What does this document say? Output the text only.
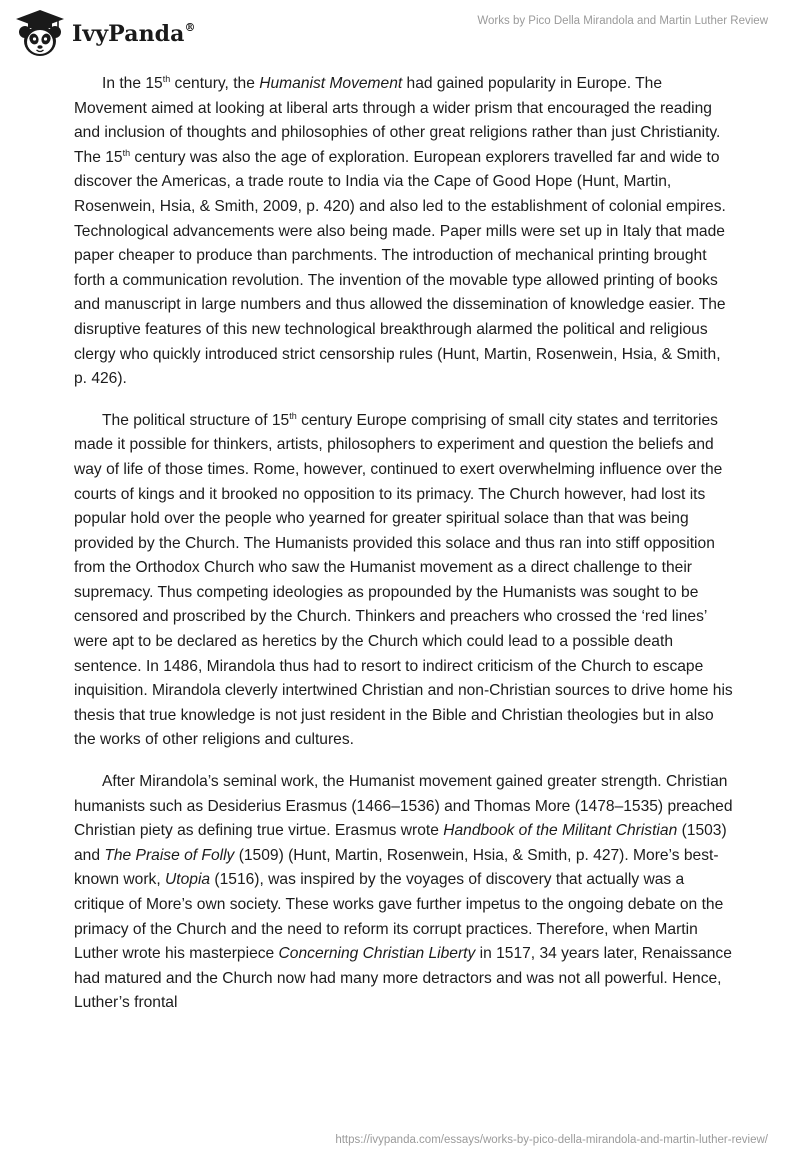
IvyPanda®	Works by Pico Della Mirandola and Martin Luther Review

In the 15th century, the Humanist Movement had gained popularity in Europe. The Movement aimed at looking at liberal arts through a wider prism that encouraged the reading and inclusion of thoughts and philosophies of other great religions rather than just Christianity. The 15th century was also the age of exploration. European explorers travelled far and wide to discover the Americas, a trade route to India via the Cape of Good Hope (Hunt, Martin, Rosenwein, Hsia, & Smith, 2009, p. 420) and also led to the establishment of colonial empires. Technological advancements were also being made. Paper mills were set up in Italy that made paper cheaper to produce than parchments. The introduction of mechanical printing brought forth a communication revolution. The invention of the movable type allowed printing of books and manuscript in large numbers and thus allowed the dissemination of knowledge easier. The disruptive features of this new technological breakthrough alarmed the political and religious clergy who quickly introduced strict censorship rules (Hunt, Martin, Rosenwein, Hsia, & Smith, p. 426).

The political structure of 15th century Europe comprising of small city states and territories made it possible for thinkers, artists, philosophers to experiment and question the beliefs and way of life of those times. Rome, however, continued to exert overwhelming influence over the courts of kings and it brooked no opposition to its primacy. The Church however, had lost its popular hold over the people who yearned for greater spiritual solace than that was being provided by the Church. The Humanists provided this solace and thus ran into stiff opposition from the Orthodox Church who saw the Humanist movement as a direct challenge to their supremacy. Thus competing ideologies as propounded by the Humanists was sought to be censored and proscribed by the Church. Thinkers and preachers who crossed the ‘red lines’ were apt to be declared as heretics by the Church which could lead to a possible death sentence. In 1486, Mirandola thus had to resort to indirect criticism of the Church to escape inquisition. Mirandola cleverly intertwined Christian and non-Christian sources to drive home his thesis that true knowledge is not just resident in the Bible and Christian theologies but in also the works of other religions and cultures.

After Mirandola’s seminal work, the Humanist movement gained greater strength. Christian humanists such as Desiderius Erasmus (1466–1536) and Thomas More (1478–1535) preached Christian piety as defining true virtue. Erasmus wrote Handbook of the Militant Christian (1503) and The Praise of Folly (1509) (Hunt, Martin, Rosenwein, Hsia, & Smith, p. 427). More’s best-known work, Utopia (1516), was inspired by the voyages of discovery that actually was a critique of More’s own society. These works gave further impetus to the ongoing debate on the primacy of the Church and the need to reform its corrupt practices. Therefore, when Martin Luther wrote his masterpiece Concerning Christian Liberty in 1517, 34 years later, Renaissance had matured and the Church now had many more detractors and was not all powerful. Hence, Luther’s frontal

https://ivypanda.com/essays/works-by-pico-della-mirandola-and-martin-luther-review/
